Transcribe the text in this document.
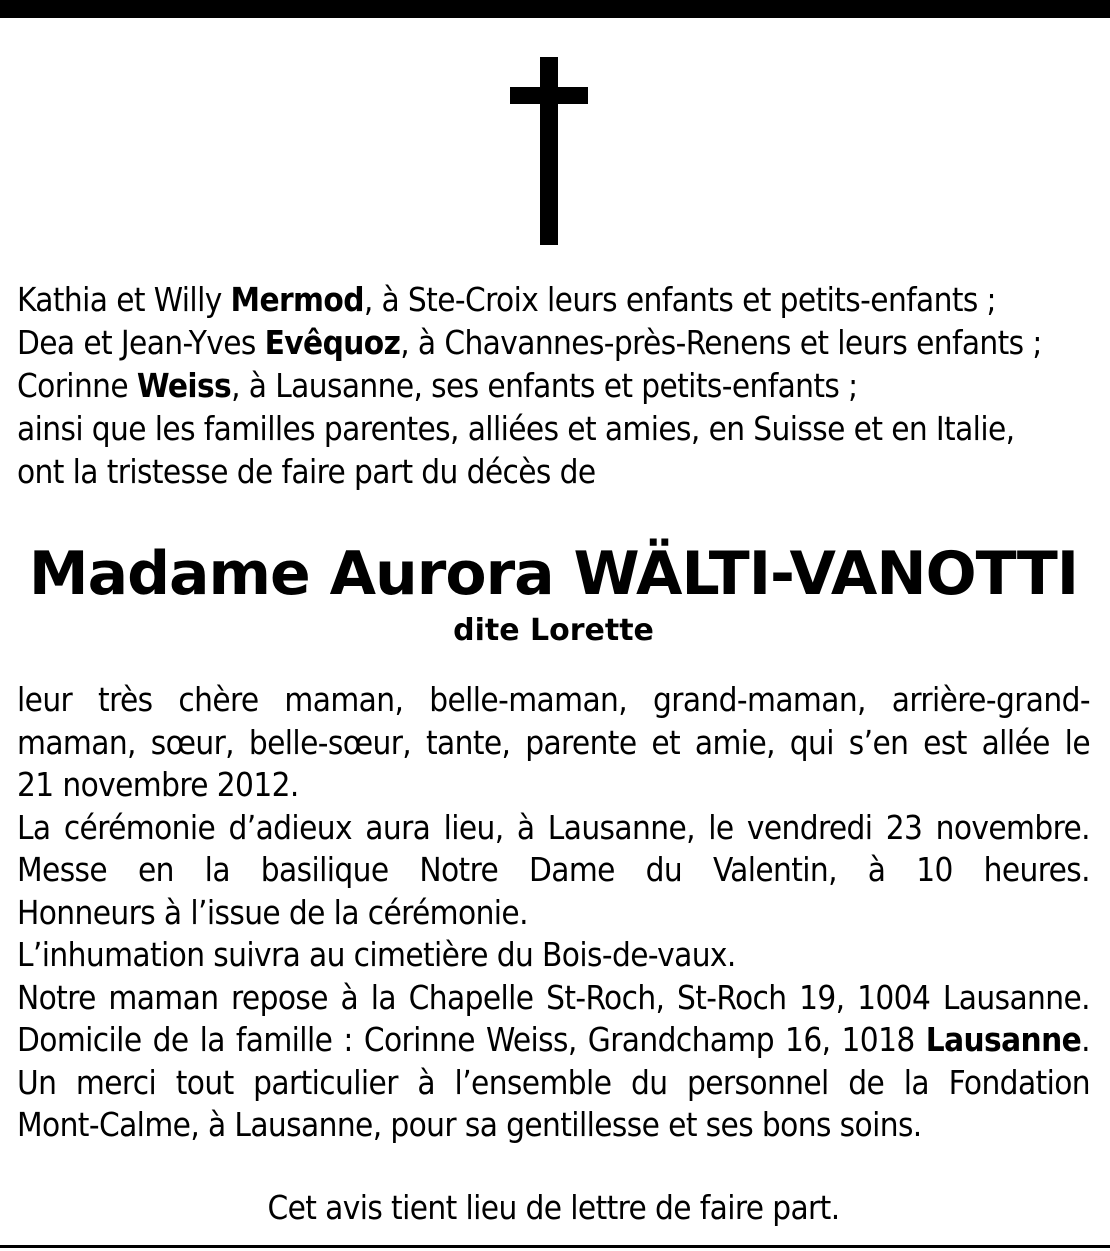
Kathia et Willy Mermod, à Ste-Croix leurs enfants et petits-enfants ;
Dea et Jean-Yves Evêquoz, à Chavannes-près-Renens et leurs enfants ;
Corinne Weiss, à Lausanne, ses enfants et petits-enfants ;
ainsi que les familles parentes, alliées et amies, en Suisse et en Italie,
ont la tristesse de faire part du décès de
Madame Aurora WÄLTI-VANOTTI
dite Lorette
leur très chère maman, belle-maman, grand-maman, arrière-grand-
maman, sœur, belle-sœur, tante, parente et amie, qui s’en est allée le
21 novembre 2012.
La cérémonie d’adieux aura lieu, à Lausanne, le vendredi 23 novembre.
Messe en la basilique Notre Dame du Valentin, à 10 heures.
Honneurs à l’issue de la cérémonie.
L’inhumation suivra au cimetière du Bois-de-vaux.
Notre maman repose à la Chapelle St-Roch, St-Roch 19, 1004 Lausanne.
Domicile de la famille : Corinne Weiss, Grandchamp 16, 1018 Lausanne.
Un merci tout particulier à l’ensemble du personnel de la Fondation
Mont-Calme, à Lausanne, pour sa gentillesse et ses bons soins.
Cet avis tient lieu de lettre de faire part.
